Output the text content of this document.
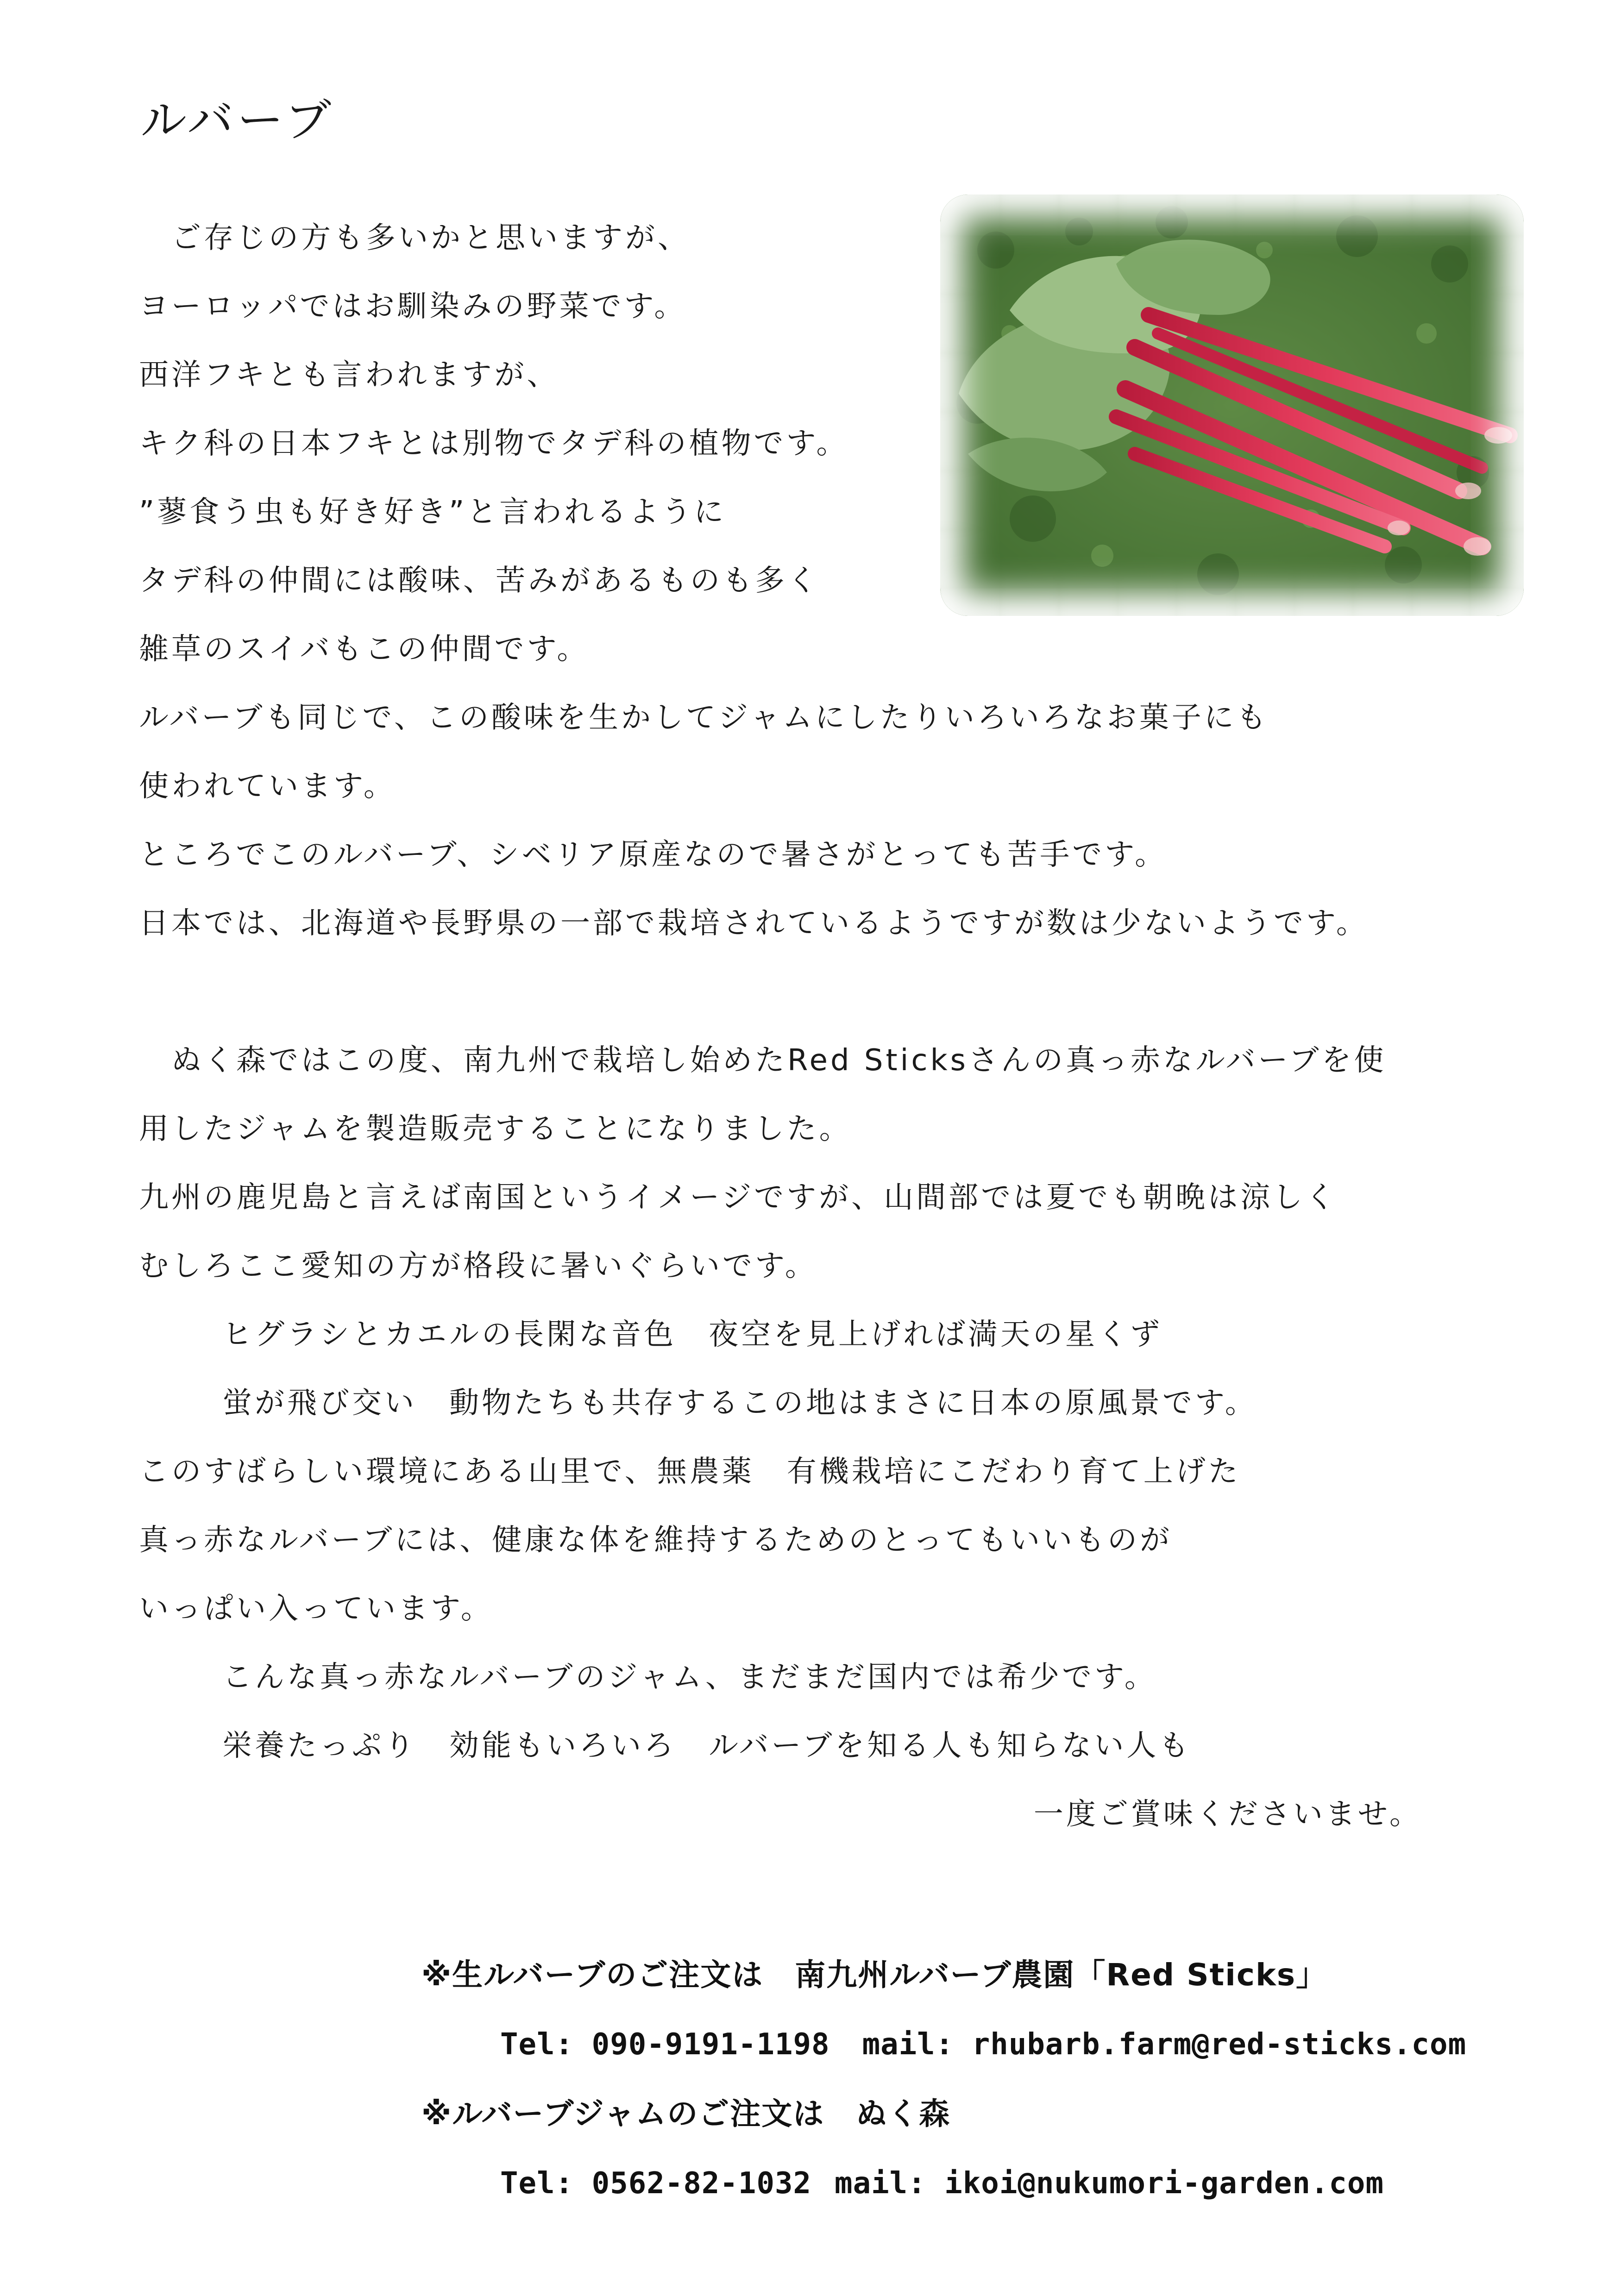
ルバーブ
ご存じの方も多いかと思いますが、
ヨーロッパではお馴染みの野菜です。
西洋フキとも言われますが、
キク科の日本フキとは別物でタデ科の植物です。
”蓼食う虫も好き好き”と言われるように
タデ科の仲間には酸味、苦みがあるものも多く
雑草のスイバもこの仲間です。
ルバーブも同じで、この酸味を生かしてジャムにしたりいろいろなお菓子にも
使われています。
ところでこのルバーブ、シベリア原産なので暑さがとっても苦手です。
日本では、北海道や長野県の一部で栽培されているようですが数は少ないようです。
ぬく森ではこの度、南九州で栽培し始めたRed Sticksさんの真っ赤なルバーブを使
用したジャムを製造販売することになりました。
九州の鹿児島と言えば南国というイメージですが、山間部では夏でも朝晩は涼しく
むしろここ愛知の方が格段に暑いぐらいです。
ヒグラシとカエルの長閑な音色　夜空を見上げれば満天の星くず
蛍が飛び交い　動物たちも共存するこの地はまさに日本の原風景です。
このすばらしい環境にある山里で、無農薬　有機栽培にこだわり育て上げた
真っ赤なルバーブには、健康な体を維持するためのとってもいいものが
いっぱい入っています。
こんな真っ赤なルバーブのジャム、まだまだ国内では希少です。
栄養たっぷり　効能もいろいろ　ルバーブを知る人も知らない人も
一度ご賞味くださいませ。
※生ルバーブのご注文は　南九州ルバーブ農園「Red Sticks」
Tel: 090-9191-1198 mail: rhubarb.farm@red-sticks.com
※ルバーブジャムのご注文は　ぬく森
Tel: 0562-82-1032 mail: ikoi@nukumori-garden.com
